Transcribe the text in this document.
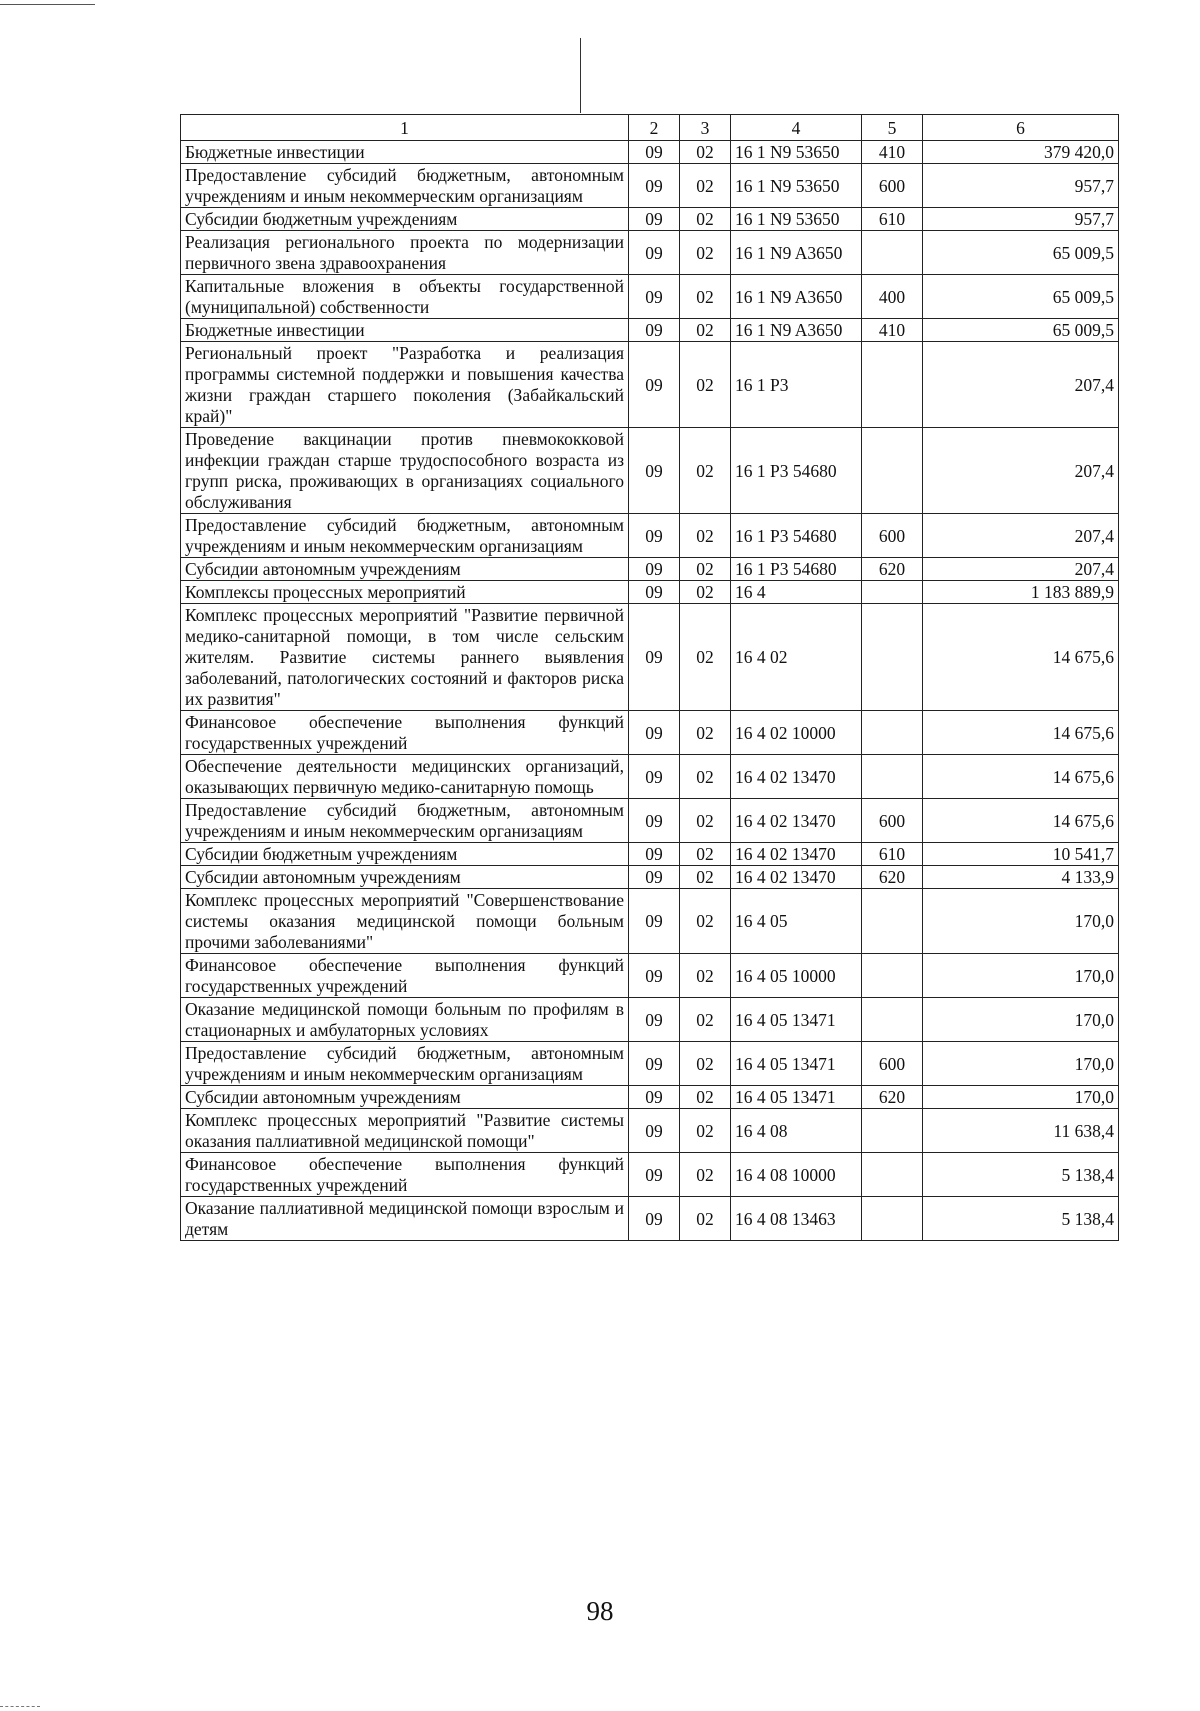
1	2	3	4	5	6
Бюджетные инвестиции	09	02	16 1 N9 53650	410	379 420,0
Предоставление субсидий бюджетным, автономным учреждениям и иным некоммерческим организациям	09	02	16 1 N9 53650	600	957,7
Субсидии бюджетным учреждениям	09	02	16 1 N9 53650	610	957,7
Реализация регионального проекта по модернизации первичного звена здравоохранения	09	02	16 1 N9 A3650		65 009,5
Капитальные вложения в объекты государственной (муниципальной) собственности	09	02	16 1 N9 A3650	400	65 009,5
Бюджетные инвестиции	09	02	16 1 N9 A3650	410	65 009,5
Региональный проект "Разработка и реализация программы системной поддержки и повышения качества жизни граждан старшего поколения (Забайкальский край)"	09	02	16 1 P3		207,4
Проведение вакцинации против пневмококковой инфекции граждан старше трудоспособного возраста из групп риска, проживающих в организациях социального обслуживания	09	02	16 1 P3 54680		207,4
Предоставление субсидий бюджетным, автономным учреждениям и иным некоммерческим организациям	09	02	16 1 P3 54680	600	207,4
Субсидии автономным учреждениям	09	02	16 1 P3 54680	620	207,4
Комплексы процессных мероприятий	09	02	16 4		1 183 889,9
Комплекс процессных мероприятий "Развитие первичной медико-санитарной помощи, в том числе сельским жителям. Развитие системы раннего выявления заболеваний, патологических состояний и факторов риска их развития"	09	02	16 4 02		14 675,6
Финансовое обеспечение выполнения функций государственных учреждений	09	02	16 4 02 10000		14 675,6
Обеспечение деятельности медицинских организаций, оказывающих первичную медико-санитарную помощь	09	02	16 4 02 13470		14 675,6
Предоставление субсидий бюджетным, автономным учреждениям и иным некоммерческим организациям	09	02	16 4 02 13470	600	14 675,6
Субсидии бюджетным учреждениям	09	02	16 4 02 13470	610	10 541,7
Субсидии автономным учреждениям	09	02	16 4 02 13470	620	4 133,9
Комплекс процессных мероприятий "Совершенствование системы оказания медицинской помощи больным прочими заболеваниями"	09	02	16 4 05		170,0
Финансовое обеспечение выполнения функций государственных учреждений	09	02	16 4 05 10000		170,0
Оказание медицинской помощи больным по профилям в стационарных и амбулаторных условиях	09	02	16 4 05 13471		170,0
Предоставление субсидий бюджетным, автономным учреждениям и иным некоммерческим организациям	09	02	16 4 05 13471	600	170,0
Субсидии автономным учреждениям	09	02	16 4 05 13471	620	170,0
Комплекс процессных мероприятий "Развитие системы оказания паллиативной медицинской помощи"	09	02	16 4 08		11 638,4
Финансовое обеспечение выполнения функций государственных учреждений	09	02	16 4 08 10000		5 138,4
Оказание паллиативной медицинской помощи взрослым и детям	09	02	16 4 08 13463		5 138,4
98
